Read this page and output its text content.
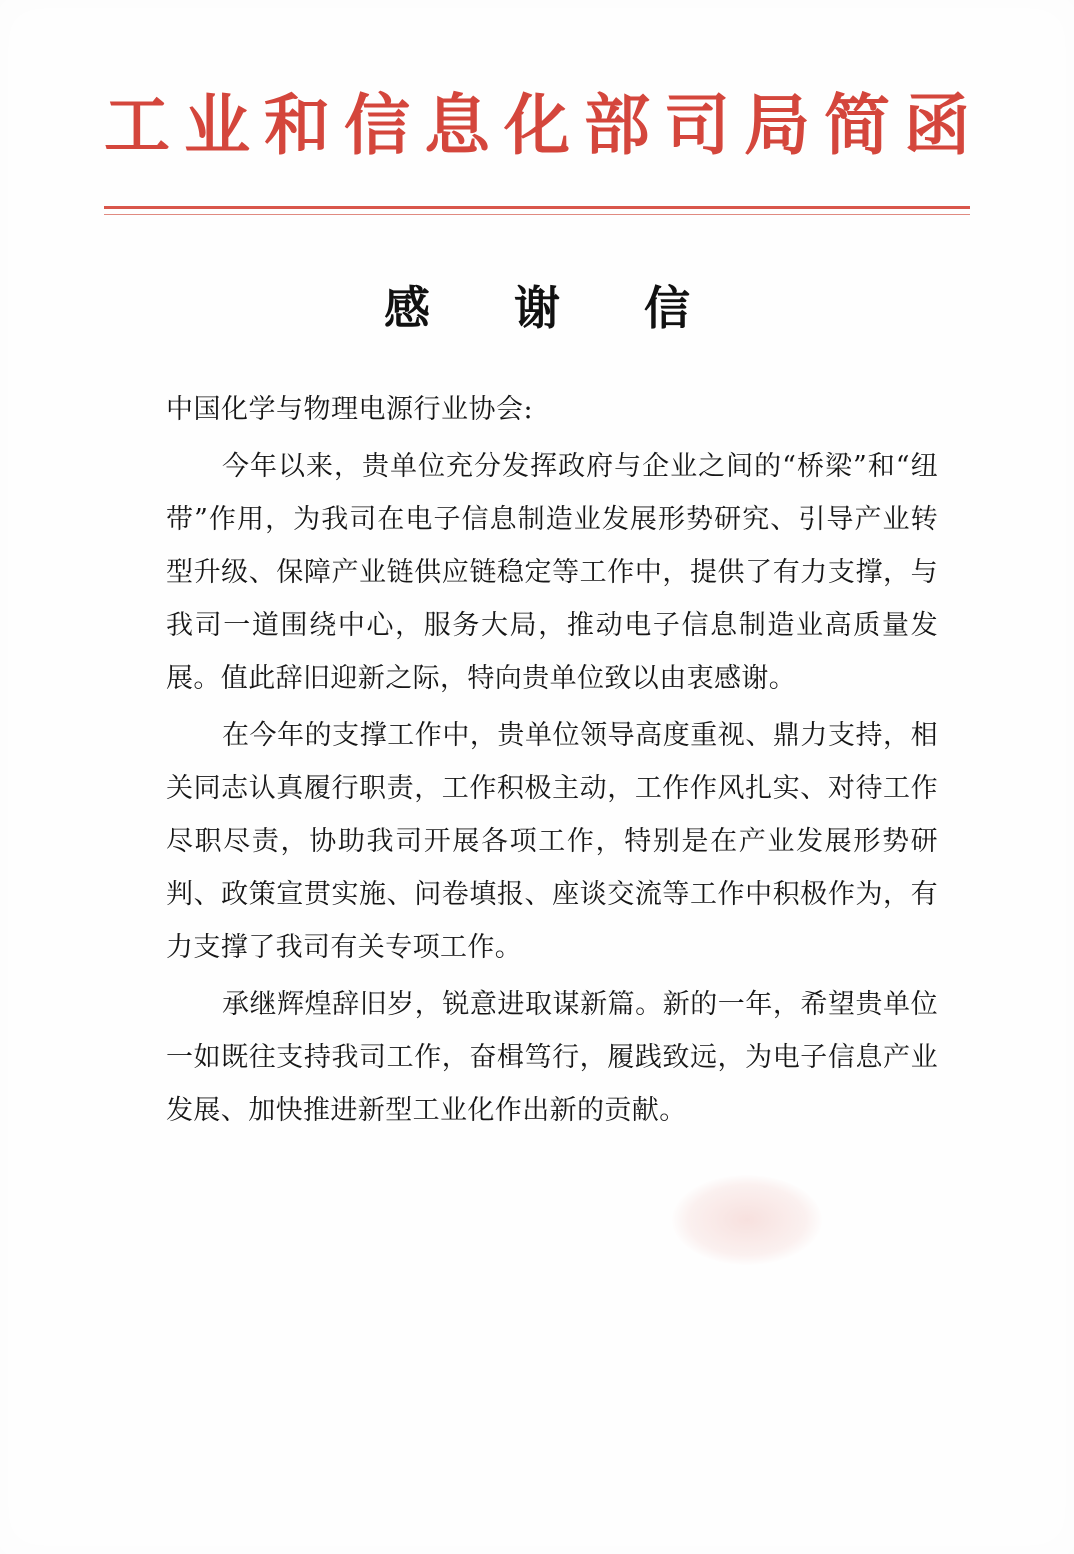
工业和信息化部司局简函
感 谢 信
中国化学与物理电源行业协会:

今年以来，贵单位充分发挥政府与企业之间的“桥梁”和“纽带”作用，为我司在电子信息制造业发展形势研究、引导产业转型升级、保障产业链供应链稳定等工作中，提供了有力支撑，与我司一道围绕中心，服务大局，推动电子信息制造业高质量发展。值此辞旧迎新之际，特向贵单位致以由衷感谢。

在今年的支撑工作中，贵单位领导高度重视、鼎力支持，相关同志认真履行职责，工作积极主动，工作作风扎实、对待工作尽职尽责，协助我司开展各项工作，特别是在产业发展形势研判、政策宣贯实施、问卷填报、座谈交流等工作中积极作为，有力支撑了我司有关专项工作。

承继辉煌辞旧岁，锐意进取谋新篇。新的一年，希望贵单位一如既往支持我司工作，奋楫笃行，履践致远，为电子信息产业发展、加快推进新型工业化作出新的贡献。
